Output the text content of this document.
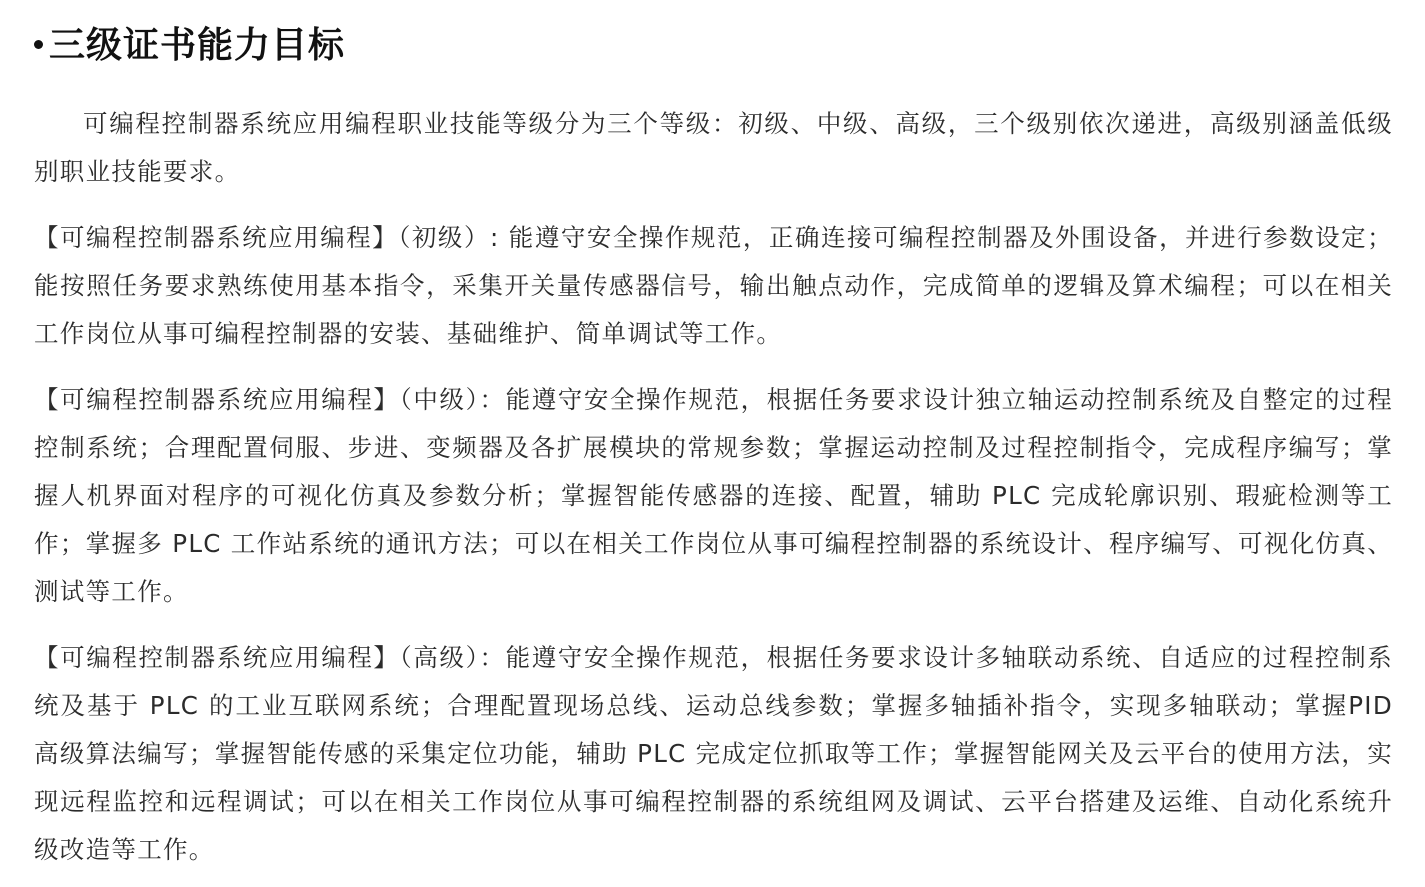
三级证书能力目标

可编程控制器系统应用编程职业技能等级分为三个等级：初级、中级、高级，三个级别依次递进，高级别涵盖低级别职业技能要求。

【可编程控制器系统应用编程】（初级）: 能遵守安全操作规范，正确连接可编程控制器及外围设备，并进行参数设定；能按照任务要求熟练使用基本指令，采集开关量传感器信号，输出触点动作，完成简单的逻辑及算术编程；可以在相关工作岗位从事可编程控制器的安装、基础维护、简单调试等工作。

【可编程控制器系统应用编程】（中级）：能遵守安全操作规范，根据任务要求设计独立轴运动控制系统及自整定的过程控制系统；合理配置伺服、步进、变频器及各扩展模块的常规参数；掌握运动控制及过程控制指令，完成程序编写；掌握人机界面对程序的可视化仿真及参数分析；掌握智能传感器的连接、配置，辅助 PLC 完成轮廓识别、瑕疵检测等工作；掌握多 PLC 工作站系统的通讯方法；可以在相关工作岗位从事可编程控制器的系统设计、程序编写、可视化仿真、测试等工作。

【可编程控制器系统应用编程】（高级）：能遵守安全操作规范，根据任务要求设计多轴联动系统、自适应的过程控制系统及基于 PLC 的工业互联网系统；合理配置现场总线、运动总线参数；掌握多轴插补指令，实现多轴联动；掌握PID 高级算法编写；掌握智能传感的采集定位功能，辅助 PLC 完成定位抓取等工作；掌握智能网关及云平台的使用方法，实现远程监控和远程调试；可以在相关工作岗位从事可编程控制器的系统组网及调试、云平台搭建及运维、自动化系统升级改造等工作。
